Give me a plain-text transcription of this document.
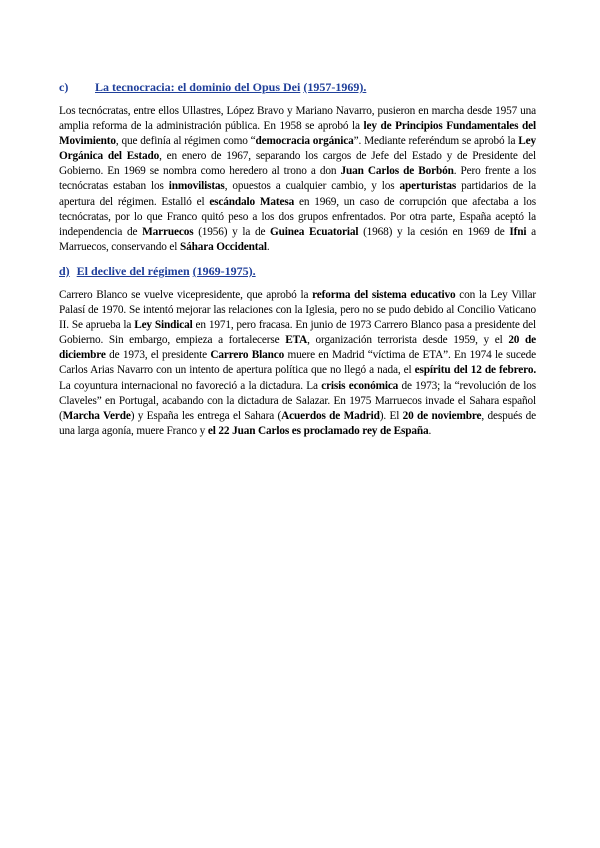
c) La tecnocracia: el dominio del Opus Dei (1957-1969).

Los tecnócratas, entre ellos Ullastres, López Bravo y Mariano Navarro, pusieron en marcha desde 1957 una amplia reforma de la administración pública. En 1958 se aprobó la ley de Principios Fundamentales del Movimiento, que definía al régimen como “democracia orgánica”. Mediante referéndum se aprobó la Ley Orgánica del Estado, en enero de 1967, separando los cargos de Jefe del Estado y de Presidente del Gobierno. En 1969 se nombra como heredero al trono a don Juan Carlos de Borbón. Pero frente a los tecnócratas estaban los inmovilistas, opuestos a cualquier cambio, y los aperturistas partidarios de la apertura del régimen. Estalló el escándalo Matesa en 1969, un caso de corrupción que afectaba a los tecnócratas, por lo que Franco quitó peso a los dos grupos enfrentados. Por otra parte, España aceptó la independencia de Marruecos (1956) y la de Guinea Ecuatorial (1968) y la cesión en 1969 de Ifni a Marruecos, conservando el Sáhara Occidental.

d) El declive del régimen (1969-1975).

Carrero Blanco se vuelve vicepresidente, que aprobó la reforma del sistema educativo con la Ley Villar Palasí de 1970. Se intentó mejorar las relaciones con la Iglesia, pero no se pudo debido al Concilio Vaticano II. Se aprueba la Ley Sindical en 1971, pero fracasa. En junio de 1973 Carrero Blanco pasa a presidente del Gobierno. Sin embargo, empieza a fortalecerse ETA, organización terrorista desde 1959, y el 20 de diciembre de 1973, el presidente Carrero Blanco muere en Madrid “víctima de ETA”. En 1974 le sucede Carlos Arias Navarro con un intento de apertura política que no llegó a nada, el espíritu del 12 de febrero. La coyuntura internacional no favoreció a la dictadura. La crisis económica de 1973; la “revolución de los Claveles” en Portugal, acabando con la dictadura de Salazar. En 1975 Marruecos invade el Sahara español (Marcha Verde) y España les entrega el Sahara (Acuerdos de Madrid). El 20 de noviembre, después de una larga agonía, muere Franco y el 22 Juan Carlos es proclamado rey de España.
